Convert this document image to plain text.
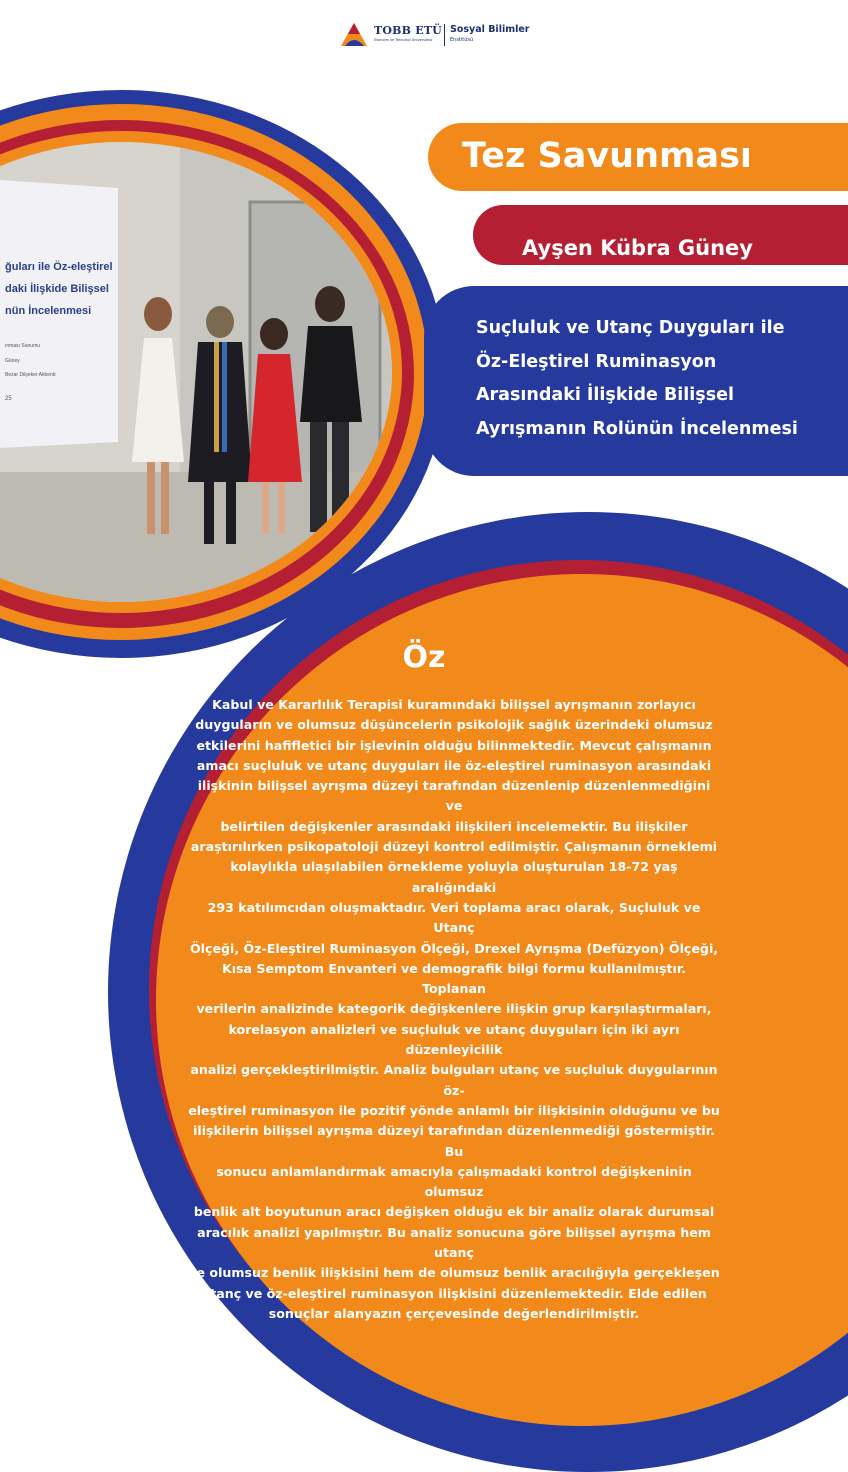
TOBB ETÜ
Ekonomi ve Teknoloji Üniversitesi
Sosyal Bilimler
Enstitüsü
ğuları ile Öz-eleştirel
daki İlişkide Bilişsel
nün İncelenmesi
ınması Sunumu
Güney
Bezar Dilşeker Akbentt
25
Tez Savunması
Ayşen Kübra Güney
Suçluluk ve Utanç Duyguları ile
Öz-Eleştirel Ruminasyon
Arasındaki İlişkide Bilişsel
Ayrışmanın Rolünün İncelenmesi
Öz

Kabul ve Kararlılık Terapisi kuramındaki bilişsel ayrışmanın zorlayıcı

duyguların ve olumsuz düşüncelerin psikolojik sağlık üzerindeki olumsuz

etkilerini hafifletici bir işlevinin olduğu bilinmektedir. Mevcut çalışmanın

amacı suçluluk ve utanç duyguları ile öz-eleştirel ruminasyon arasındaki

ilişkinin bilişsel ayrışma düzeyi tarafından düzenlenip düzenlenmediğini ve

belirtilen değişkenler arasındaki ilişkileri incelemektir. Bu ilişkiler

araştırılırken psikopatoloji düzeyi kontrol edilmiştir. Çalışmanın örneklemi

kolaylıkla ulaşılabilen örnekleme yoluyla oluşturulan 18-72 yaş aralığındaki

293 katılımcıdan oluşmaktadır. Veri toplama aracı olarak, Suçluluk ve Utanç

Ölçeği, Öz-Eleştirel Ruminasyon Ölçeği, Drexel Ayrışma (Defüzyon) Ölçeği,

Kısa Semptom Envanteri ve demografik bilgi formu kullanılmıştır. Toplanan

verilerin analizinde kategorik değişkenlere ilişkin grup karşılaştırmaları,

korelasyon analizleri ve suçluluk ve utanç duyguları için iki ayrı düzenleyicilik

analizi gerçekleştirilmiştir. Analiz bulguları utanç ve suçluluk duygularının öz-

eleştirel ruminasyon ile pozitif yönde anlamlı bir ilişkisinin olduğunu ve bu

ilişkilerin bilişsel ayrışma düzeyi tarafından düzenlenmediği göstermiştir. Bu

sonucu anlamlandırmak amacıyla çalışmadaki kontrol değişkeninin olumsuz

benlik alt boyutunun aracı değişken olduğu ek bir analiz olarak durumsal

aracılık analizi yapılmıştır. Bu analiz sonucuna göre bilişsel ayrışma hem utanç

ve olumsuz benlik ilişkisini hem de olumsuz benlik aracılığıyla gerçekleşen

utanç ve öz-eleştirel ruminasyon ilişkisini düzenlemektedir. Elde edilen

sonuçlar alanyazın çerçevesinde değerlendirilmiştir.
